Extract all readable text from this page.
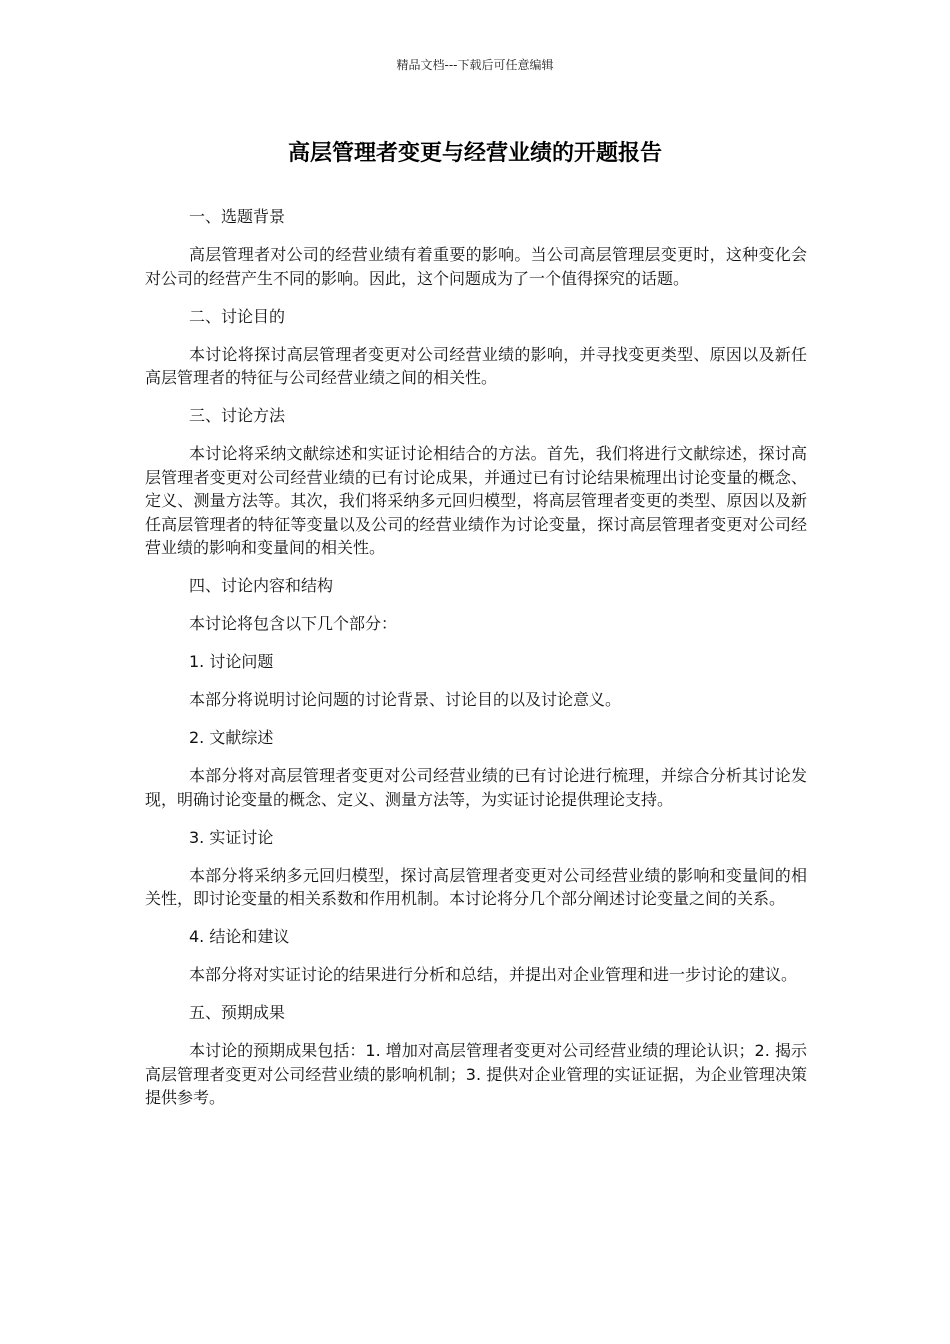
精品文档---下载后可任意编辑
高层管理者变更与经营业绩的开题报告

一、选题背景

高层管理者对公司的经营业绩有着重要的影响。当公司高层管理层变更时，这种变化会对公司的经营产生不同的影响。因此，这个问题成为了一个值得探究的话题。

二、讨论目的

本讨论将探讨高层管理者变更对公司经营业绩的影响，并寻找变更类型、原因以及新任高层管理者的特征与公司经营业绩之间的相关性。

三、讨论方法

本讨论将采纳文献综述和实证讨论相结合的方法。首先，我们将进行文献综述，探讨高层管理者变更对公司经营业绩的已有讨论成果，并通过已有讨论结果梳理出讨论变量的概念、定义、测量方法等。其次，我们将采纳多元回归模型，将高层管理者变更的类型、原因以及新任高层管理者的特征等变量以及公司的经营业绩作为讨论变量，探讨高层管理者变更对公司经营业绩的影响和变量间的相关性。

四、讨论内容和结构

本讨论将包含以下几个部分：

1. 讨论问题

本部分将说明讨论问题的讨论背景、讨论目的以及讨论意义。

2. 文献综述

本部分将对高层管理者变更对公司经营业绩的已有讨论进行梳理，并综合分析其讨论发现，明确讨论变量的概念、定义、测量方法等，为实证讨论提供理论支持。

3. 实证讨论

本部分将采纳多元回归模型，探讨高层管理者变更对公司经营业绩的影响和变量间的相关性，即讨论变量的相关系数和作用机制。本讨论将分几个部分阐述讨论变量之间的关系。

4. 结论和建议

本部分将对实证讨论的结果进行分析和总结，并提出对企业管理和进一步讨论的建议。

五、预期成果

本讨论的预期成果包括：1. 增加对高层管理者变更对公司经营业绩的理论认识；2. 揭示高层管理者变更对公司经营业绩的影响机制；3. 提供对企业管理的实证证据，为企业管理决策提供参考。
